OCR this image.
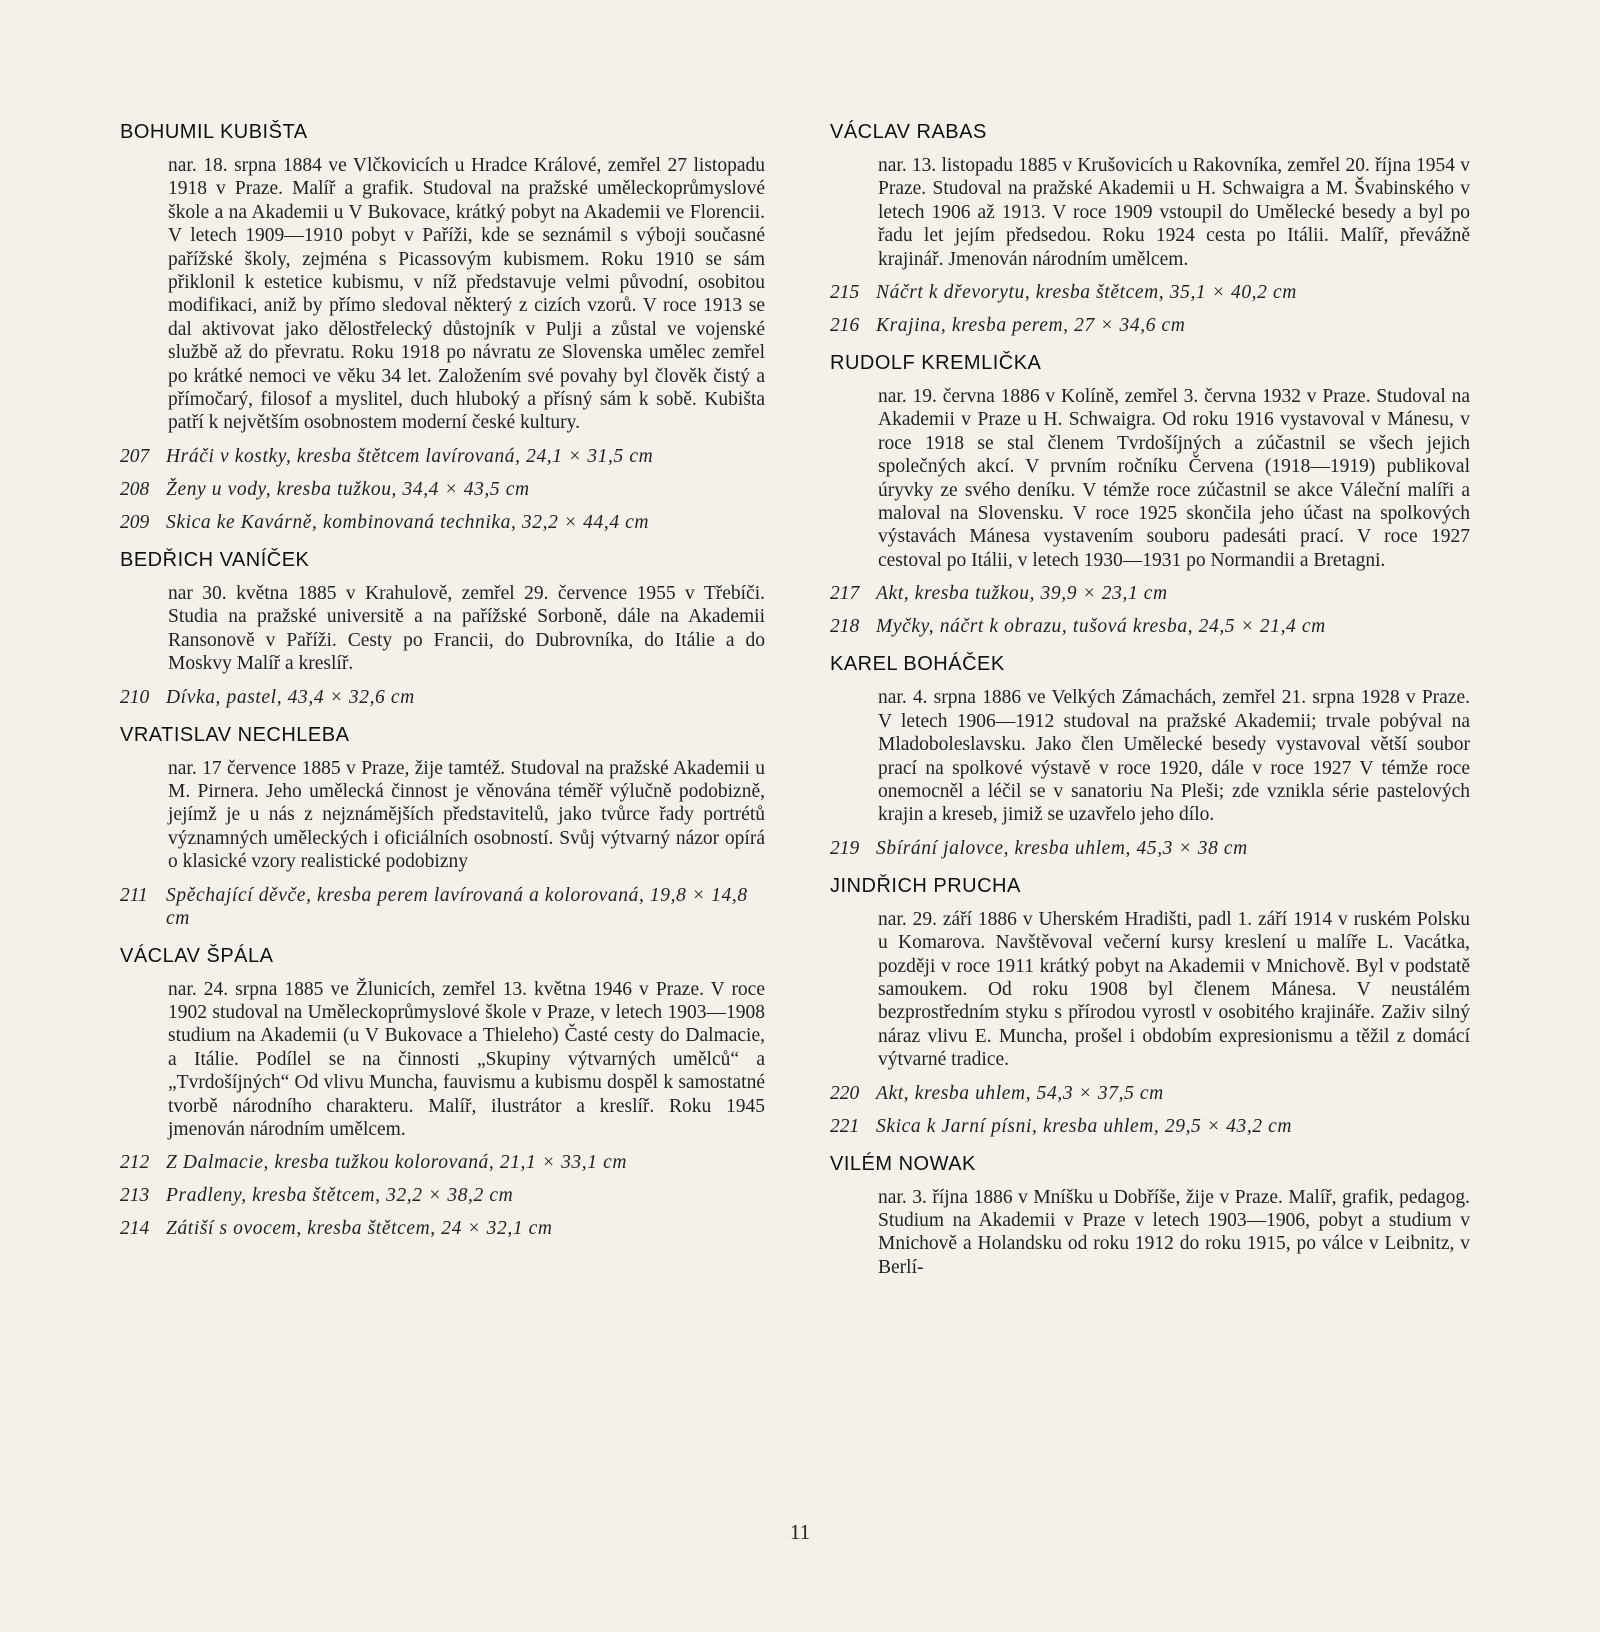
BOHUMIL KUBIŠTA

nar. 18. srpna 1884 ve Vlčkovicích u Hradce Králové, zemřel 27 listopadu 1918 v Praze. Malíř a grafik. Studoval na pražské uměleckoprůmyslové škole a na Akademii u V Bukovace, krátký pobyt na Akademii ve Florencii. V letech 1909—1910 pobyt v Paříži, kde se seznámil s výboji současné pařížské školy, zejména s Picassovým kubismem. Roku 1910 se sám přiklonil k estetice kubismu, v níž představuje velmi původní, osobitou modifikaci, aniž by přímo sledoval některý z cizích vzorů. V roce 1913 se dal aktivovat jako dělostřelecký důstojník v Pulji a zůstal ve vojenské službě až do převratu. Roku 1918 po návratu ze Slovenska umělec zemřel po krátké nemoci ve věku 34 let. Založením své povahy byl člověk čistý a přímočarý, filosof a myslitel, duch hluboký a přísný sám k sobě. Kubišta patří k největším osobnostem moderní české kultury.

207 Hráči v kostky, kresba štětcem lavírovaná, 24,1 × 31,5 cm
208 Ženy u vody, kresba tužkou, 34,4 × 43,5 cm
209 Skica ke Kavárně, kombinovaná technika, 32,2 × 44,4 cm
BEDŘICH VANÍČEK

nar 30. května 1885 v Krahulově, zemřel 29. července 1955 v Třebíči. Studia na pražské universitě a na pařížské Sorboně, dále na Akademii Ransonově v Paříži. Cesty po Francii, do Dubrovníka, do Itálie a do Moskvy Malíř a kreslíř.

210 Dívka, pastel, 43,4 × 32,6 cm
VRATISLAV NECHLEBA

nar. 17 července 1885 v Praze, žije tamtéž. Studoval na pražské Akademii u M. Pirnera. Jeho umělecká činnost je věnována téměř výlučně podobizně, jejímž je u nás z nejznámějších představitelů, jako tvůrce řady portrétů významných uměleckých i oficiálních osobností. Svůj výtvarný názor opírá o klasické vzory realistické podobizny

211 Spěchající děvče, kresba perem lavírovaná a kolorovaná, 19,8 × 14,8 cm
VÁCLAV ŠPÁLA

nar. 24. srpna 1885 ve Žlunicích, zemřel 13. května 1946 v Praze. V roce 1902 studoval na Uměleckoprůmyslové škole v Praze, v letech 1903—1908 studium na Akademii (u V Bukovace a Thieleho) Časté cesty do Dalmacie, a Itálie. Podílel se na činnosti „Skupiny výtvarných umělců“ a „Tvrdošíjných“ Od vlivu Muncha, fauvismu a kubismu dospěl k samostatné tvorbě národního charakteru. Malíř, ilustrátor a kreslíř. Roku 1945 jmenován národním umělcem.

212 Z Dalmacie, kresba tužkou kolorovaná, 21,1 × 33,1 cm
213 Pradleny, kresba štětcem, 32,2 × 38,2 cm
214 Zátiší s ovocem, kresba štětcem, 24 × 32,1 cm
VÁCLAV RABAS

nar. 13. listopadu 1885 v Krušovicích u Rakovníka, zemřel 20. října 1954 v Praze. Studoval na pražské Akademii u H. Schwaigra a M. Švabinského v letech 1906 až 1913. V roce 1909 vstoupil do Umělecké besedy a byl po řadu let jejím předsedou. Roku 1924 cesta po Itálii. Malíř, převážně krajinář. Jmenován národním umělcem.

215 Náčrt k dřevorytu, kresba štětcem, 35,1 × 40,2 cm
216 Krajina, kresba perem, 27 × 34,6 cm
RUDOLF KREMLIČKA

nar. 19. června 1886 v Kolíně, zemřel 3. června 1932 v Praze. Studoval na Akademii v Praze u H. Schwaigra. Od roku 1916 vystavoval v Mánesu, v roce 1918 se stal členem Tvrdošíjných a zúčastnil se všech jejich společných akcí. V prvním ročníku Červena (1918—1919) publikoval úryvky ze svého deníku. V témže roce zúčastnil se akce Váleční malíři a maloval na Slovensku. V roce 1925 skončila jeho účast na spolkových výstavách Mánesa vystavením souboru padesáti prací. V roce 1927 cestoval po Itálii, v letech 1930—1931 po Normandii a Bretagni.

217 Akt, kresba tužkou, 39,9 × 23,1 cm
218 Myčky, náčrt k obrazu, tušová kresba, 24,5 × 21,4 cm
KAREL BOHÁČEK

nar. 4. srpna 1886 ve Velkých Zámachách, zemřel 21. srpna 1928 v Praze. V letech 1906—1912 studoval na pražské Akademii; trvale pobýval na Mladoboleslavsku. Jako člen Umělecké besedy vystavoval větší soubor prací na spolkové výstavě v roce 1920, dále v roce 1927 V témže roce onemocněl a léčil se v sanatoriu Na Pleši; zde vznikla série pastelových krajin a kreseb, jimiž se uzavřelo jeho dílo.

219 Sbírání jalovce, kresba uhlem, 45,3 × 38 cm
JINDŘICH PRUCHA

nar. 29. září 1886 v Uherském Hradišti, padl 1. září 1914 v ruském Polsku u Komarova. Navštěvoval večerní kursy kreslení u malíře L. Vacátka, později v roce 1911 krátký pobyt na Akademii v Mnichově. Byl v podstatě samoukem. Od roku 1908 byl členem Mánesa. V neustálém bezprostředním styku s přírodou vyrostl v osobitého krajináře. Zaživ silný náraz vlivu E. Muncha, prošel i obdobím expresionismu a těžil z domácí výtvarné tradice.

220 Akt, kresba uhlem, 54,3 × 37,5 cm
221 Skica k Jarní písni, kresba uhlem, 29,5 × 43,2 cm
VILÉM NOWAK

nar. 3. října 1886 v Mníšku u Dobříše, žije v Praze. Malíř, grafik, pedagog. Studium na Akademii v Praze v letech 1903—1906, pobyt a studium v Mnichově a Holandsku od roku 1912 do roku 1915, po válce v Leibnitz, v Berlí-

11
